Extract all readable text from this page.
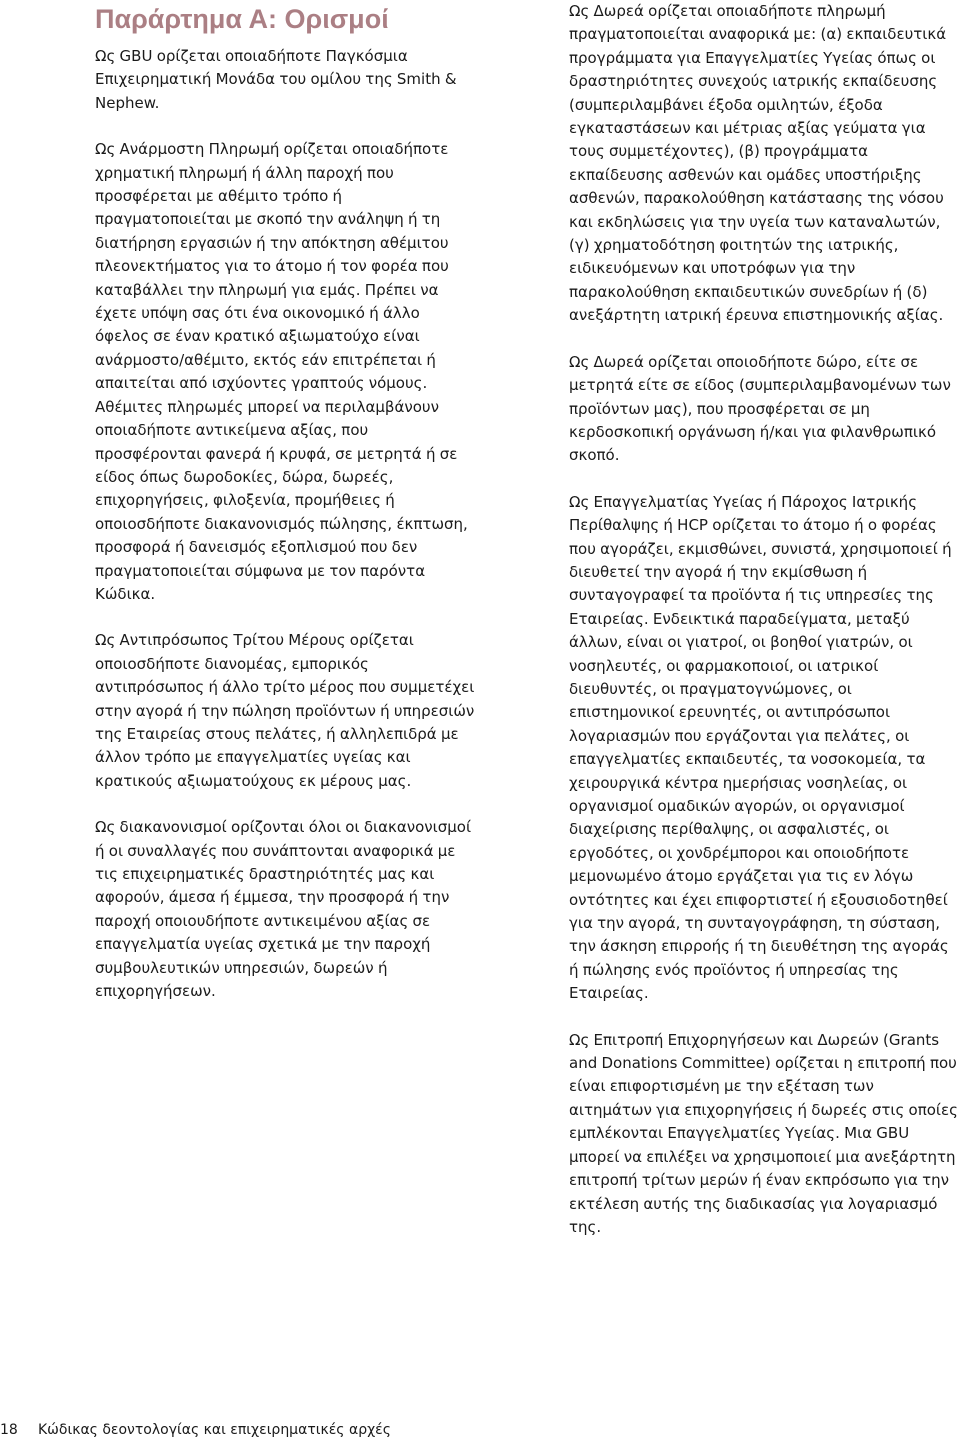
Παράρτημα Α: Ορισμοί

Ως GBU ορίζεται οποιαδήποτε Παγκόσμια Επιχειρηματική Μονάδα του ομίλου της Smith & Nephew.

Ως Ανάρμοστη Πληρωμή ορίζεται οποιαδήποτε χρηματική πληρωμή ή άλλη παροχή που προσφέρεται με αθέμιτο τρόπο ή πραγματοποιείται με σκοπό την ανάληψη ή τη διατήρηση εργασιών ή την απόκτηση αθέμιτου πλεονεκτήματος για το άτομο ή τον φορέα που καταβάλλει την πληρωμή για εμάς. Πρέπει να έχετε υπόψη σας ότι ένα οικονομικό ή άλλο όφελος σε έναν κρατικό αξιωματούχο είναι ανάρμοστο/αθέμιτο, εκτός εάν επιτρέπεται ή απαιτείται από ισχύοντες γραπτούς νόμους. Αθέμιτες πληρωμές μπορεί να περιλαμβάνουν οποιαδήποτε αντικείμενα αξίας, που προσφέρονται φανερά ή κρυφά, σε μετρητά ή σε είδος όπως δωροδοκίες, δώρα, δωρεές, επιχορηγήσεις, φιλοξενία, προμήθειες ή οποιοσδήποτε διακανονισμός πώλησης, έκπτωση, προσφορά ή δανεισμός εξοπλισμού που δεν πραγματοποιείται σύμφωνα με τον παρόντα Κώδικα.

Ως Αντιπρόσωπος Τρίτου Μέρους ορίζεται οποιοσδήποτε διανομέας, εμπορικός αντιπρόσωπος ή άλλο τρίτο μέρος που συμμετέχει στην αγορά ή την πώληση προϊόντων ή υπηρεσιών της Εταιρείας στους πελάτες, ή αλληλεπιδρά με άλλον τρόπο με επαγγελματίες υγείας και κρατικούς αξιωματούχους εκ μέρους μας.

Ως διακανονισμοί ορίζονται όλοι οι διακανονισμοί ή οι συναλλαγές που συνάπτονται αναφορικά με τις επιχειρηματικές δραστηριότητές μας και αφορούν, άμεσα ή έμμεσα, την προσφορά ή την παροχή οποιουδήποτε αντικειμένου αξίας σε επαγγελματία υγείας σχετικά με την παροχή συμβουλευτικών υπηρεσιών, δωρεών ή επιχορηγήσεων.

Ως Δωρεά ορίζεται οποιαδήποτε πληρωμή πραγματοποιείται αναφορικά με: (α) εκπαιδευτικά προγράμματα για Επαγγελματίες Υγείας όπως οι δραστηριότητες συνεχούς ιατρικής εκπαίδευσης (συμπεριλαμβάνει έξοδα ομιλητών, έξοδα εγκαταστάσεων και μέτριας αξίας γεύματα για τους συμμετέχοντες), (β) προγράμματα εκπαίδευσης ασθενών και ομάδες υποστήριξης ασθενών, παρακολούθηση κατάστασης της νόσου και εκδηλώσεις για την υγεία των καταναλωτών, (γ) χρηματοδότηση φοιτητών της ιατρικής, ειδικευόμενων και υποτρόφων για την παρακολούθηση εκπαιδευτικών συνεδρίων ή (δ) ανεξάρτητη ιατρική έρευνα επιστημονικής αξίας.

Ως Δωρεά ορίζεται οποιοδήποτε δώρο, είτε σε μετρητά είτε σε είδος (συμπεριλαμβανομένων των προϊόντων μας), που προσφέρεται σε μη κερδοσκοπική οργάνωση ή/και για φιλανθρωπικό σκοπό.

Ως Επαγγελματίας Υγείας ή Πάροχος Ιατρικής Περίθαλψης ή HCP ορίζεται το άτομο ή ο φορέας που αγοράζει, εκμισθώνει, συνιστά, χρησιμοποιεί ή διευθετεί την αγορά ή την εκμίσθωση ή συνταγογραφεί τα προϊόντα ή τις υπηρεσίες της Εταιρείας. Ενδεικτικά παραδείγματα, μεταξύ άλλων, είναι οι γιατροί, οι βοηθοί γιατρών, οι νοσηλευτές, οι φαρμακοποιοί, οι ιατρικοί διευθυντές, οι πραγματογνώμονες, οι επιστημονικοί ερευνητές, οι αντιπρόσωποι λογαριασμών που εργάζονται για πελάτες, οι επαγγελματίες εκπαιδευτές, τα νοσοκομεία, τα χειρουργικά κέντρα ημερήσιας νοσηλείας, οι οργανισμοί ομαδικών αγορών, οι οργανισμοί διαχείρισης περίθαλψης, οι ασφαλιστές, οι εργοδότες, οι χονδρέμποροι και οποιοδήποτε μεμονωμένο άτομο εργάζεται για τις εν λόγω οντότητες και έχει επιφορτιστεί ή εξουσιοδοτηθεί για την αγορά, τη συνταγογράφηση, τη σύσταση, την άσκηση επιρροής ή τη διευθέτηση της αγοράς ή πώλησης ενός προϊόντος ή υπηρεσίας της Εταιρείας.

Ως Επιτροπή Επιχορηγήσεων και Δωρεών (Grants and Donations Committee) ορίζεται η επιτροπή που είναι επιφορτισμένη με την εξέταση των αιτημάτων για επιχορηγήσεις ή δωρεές στις οποίες εμπλέκονται Επαγγελματίες Υγείας. Μια GBU μπορεί να επιλέξει να χρησιμοποιεί μια ανεξάρτητη επιτροπή τρίτων μερών ή έναν εκπρόσωπο για την εκτέλεση αυτής της διαδικασίας για λογαριασμό της.

18 Κώδικας δεοντολογίας και επιχειρηματικές αρχές
